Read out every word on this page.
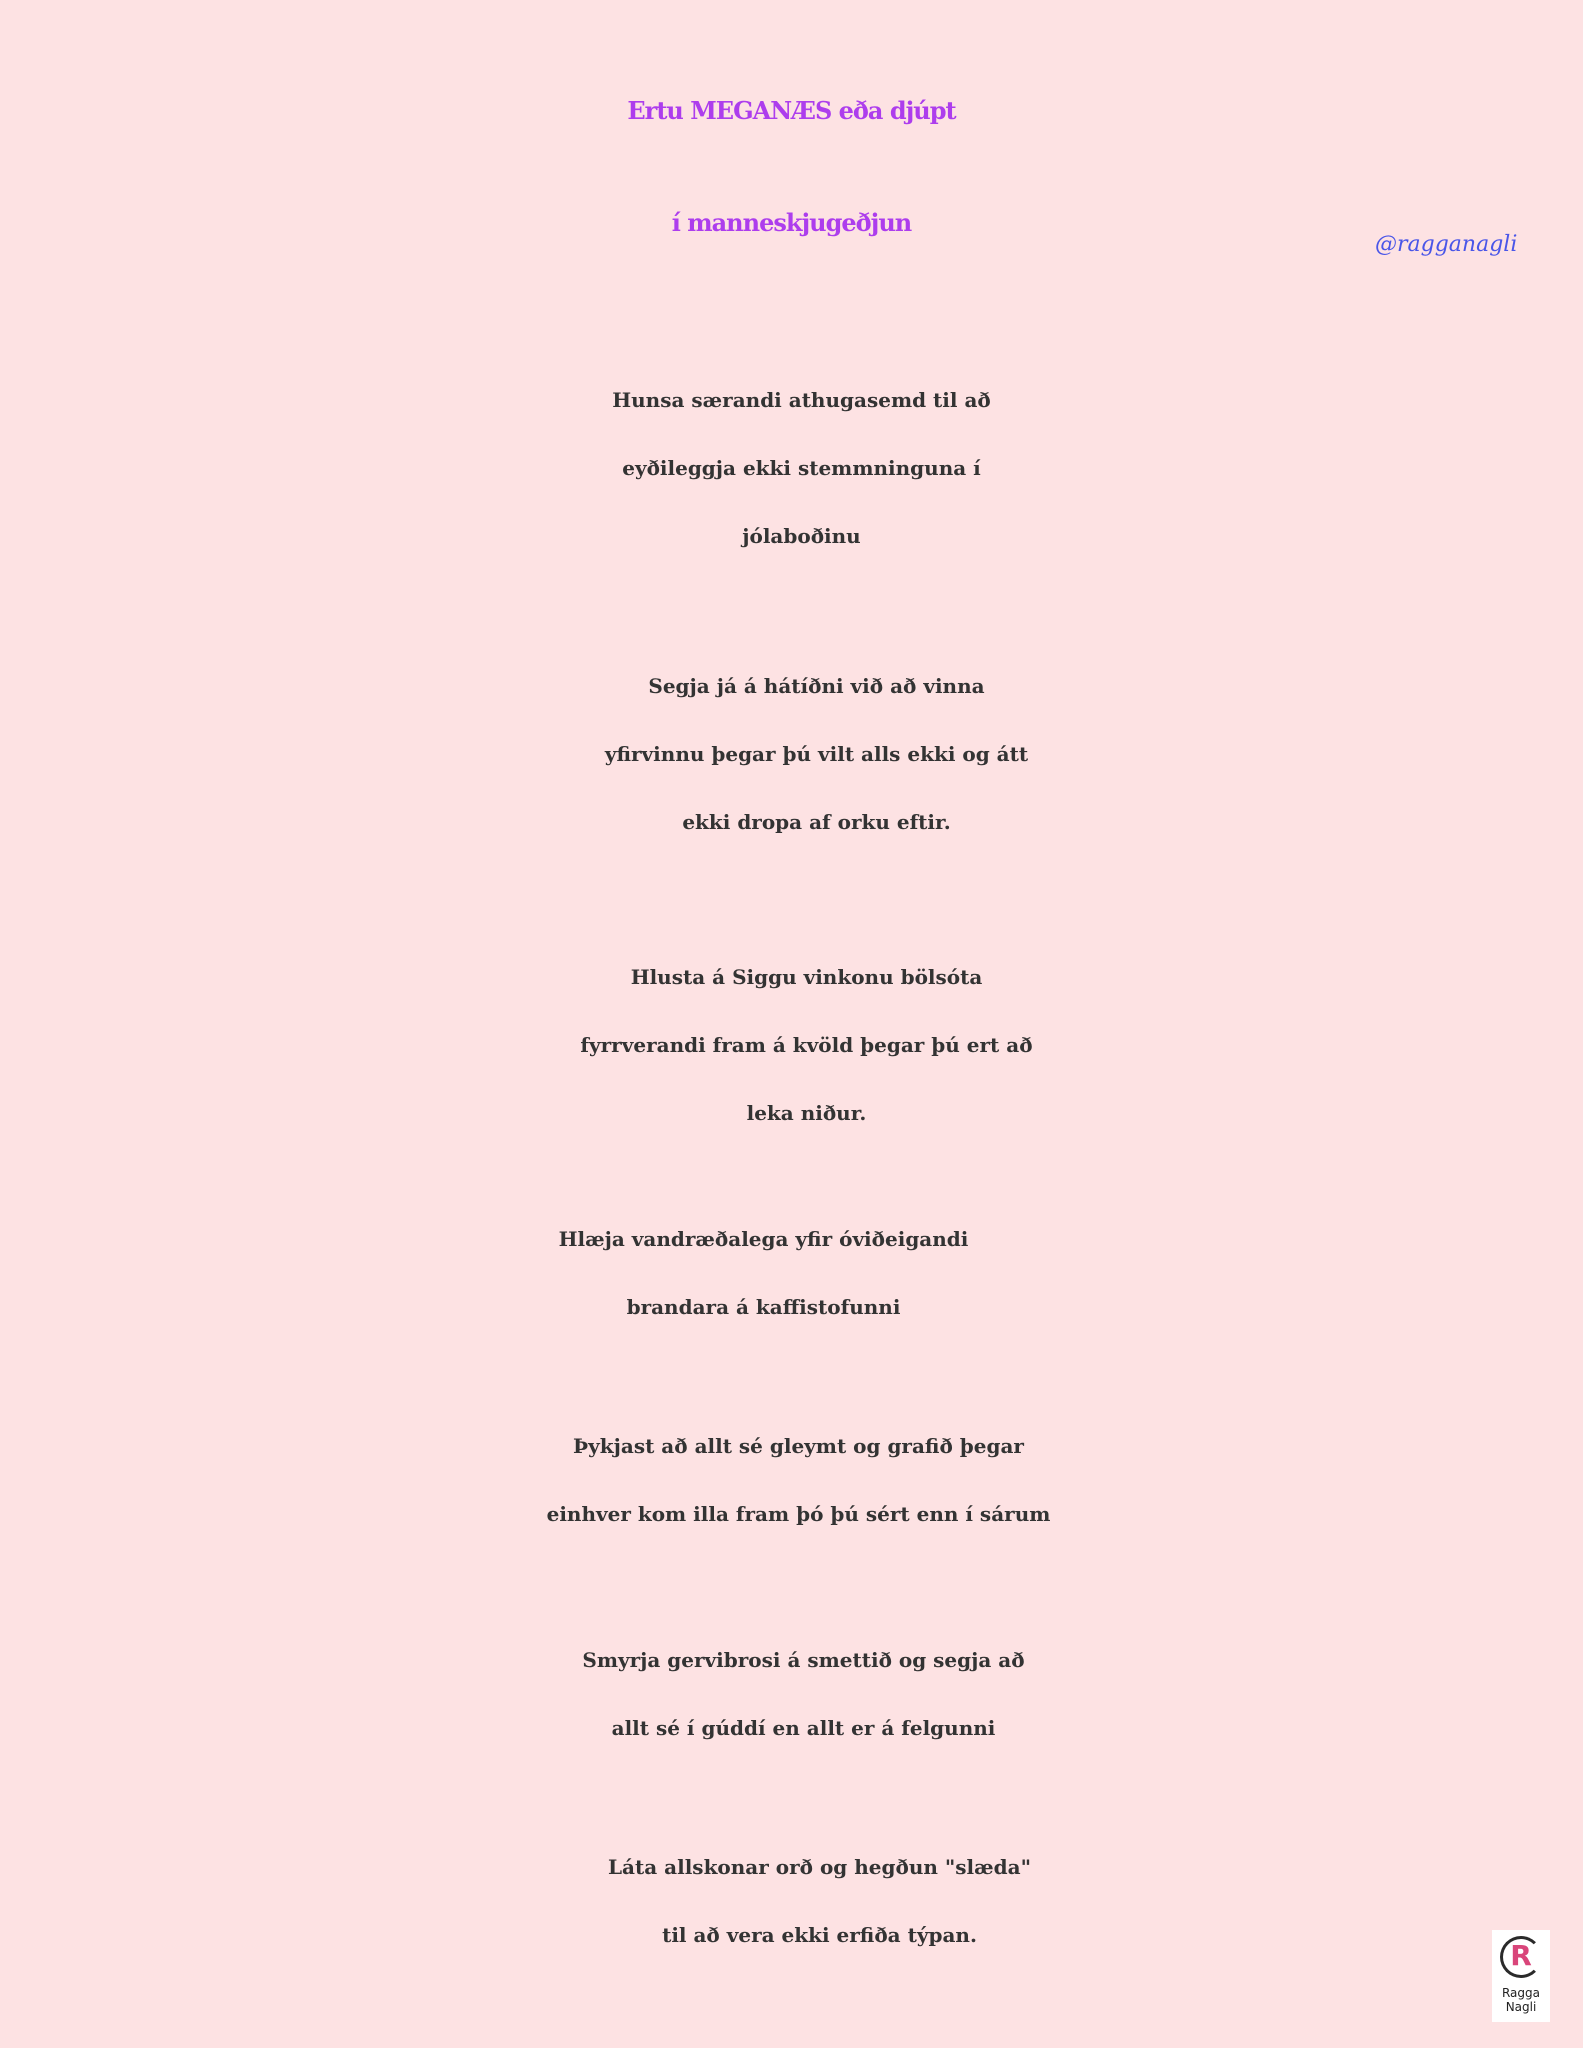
Ertu MEGANÆS eða djúpt
í manneskjugeðjun
@ragganagli

Hunsa særandi athugasemd til að
eyðileggja ekki stemmninguna í
jólaboðinu

Segja já á hátíðni við að vinna
yfirvinnu þegar þú vilt alls ekki og átt
ekki dropa af orku eftir.

Hlusta á Siggu vinkonu bölsóta
fyrrverandi fram á kvöld þegar þú ert að
leka niður.

Hlæja vandræðalega yfir óviðeigandi
brandara á kaffistofunni

Þykjast að allt sé gleymt og grafið þegar
einhver kom illa fram þó þú sért enn í sárum

Smyrja gervibrosi á smettið og segja að
allt sé í gúddí en allt er á felgunni

Láta allskonar orð og hegðun "slæda"
til að vera ekki erfiða týpan.

R
Ragga
Nagli
